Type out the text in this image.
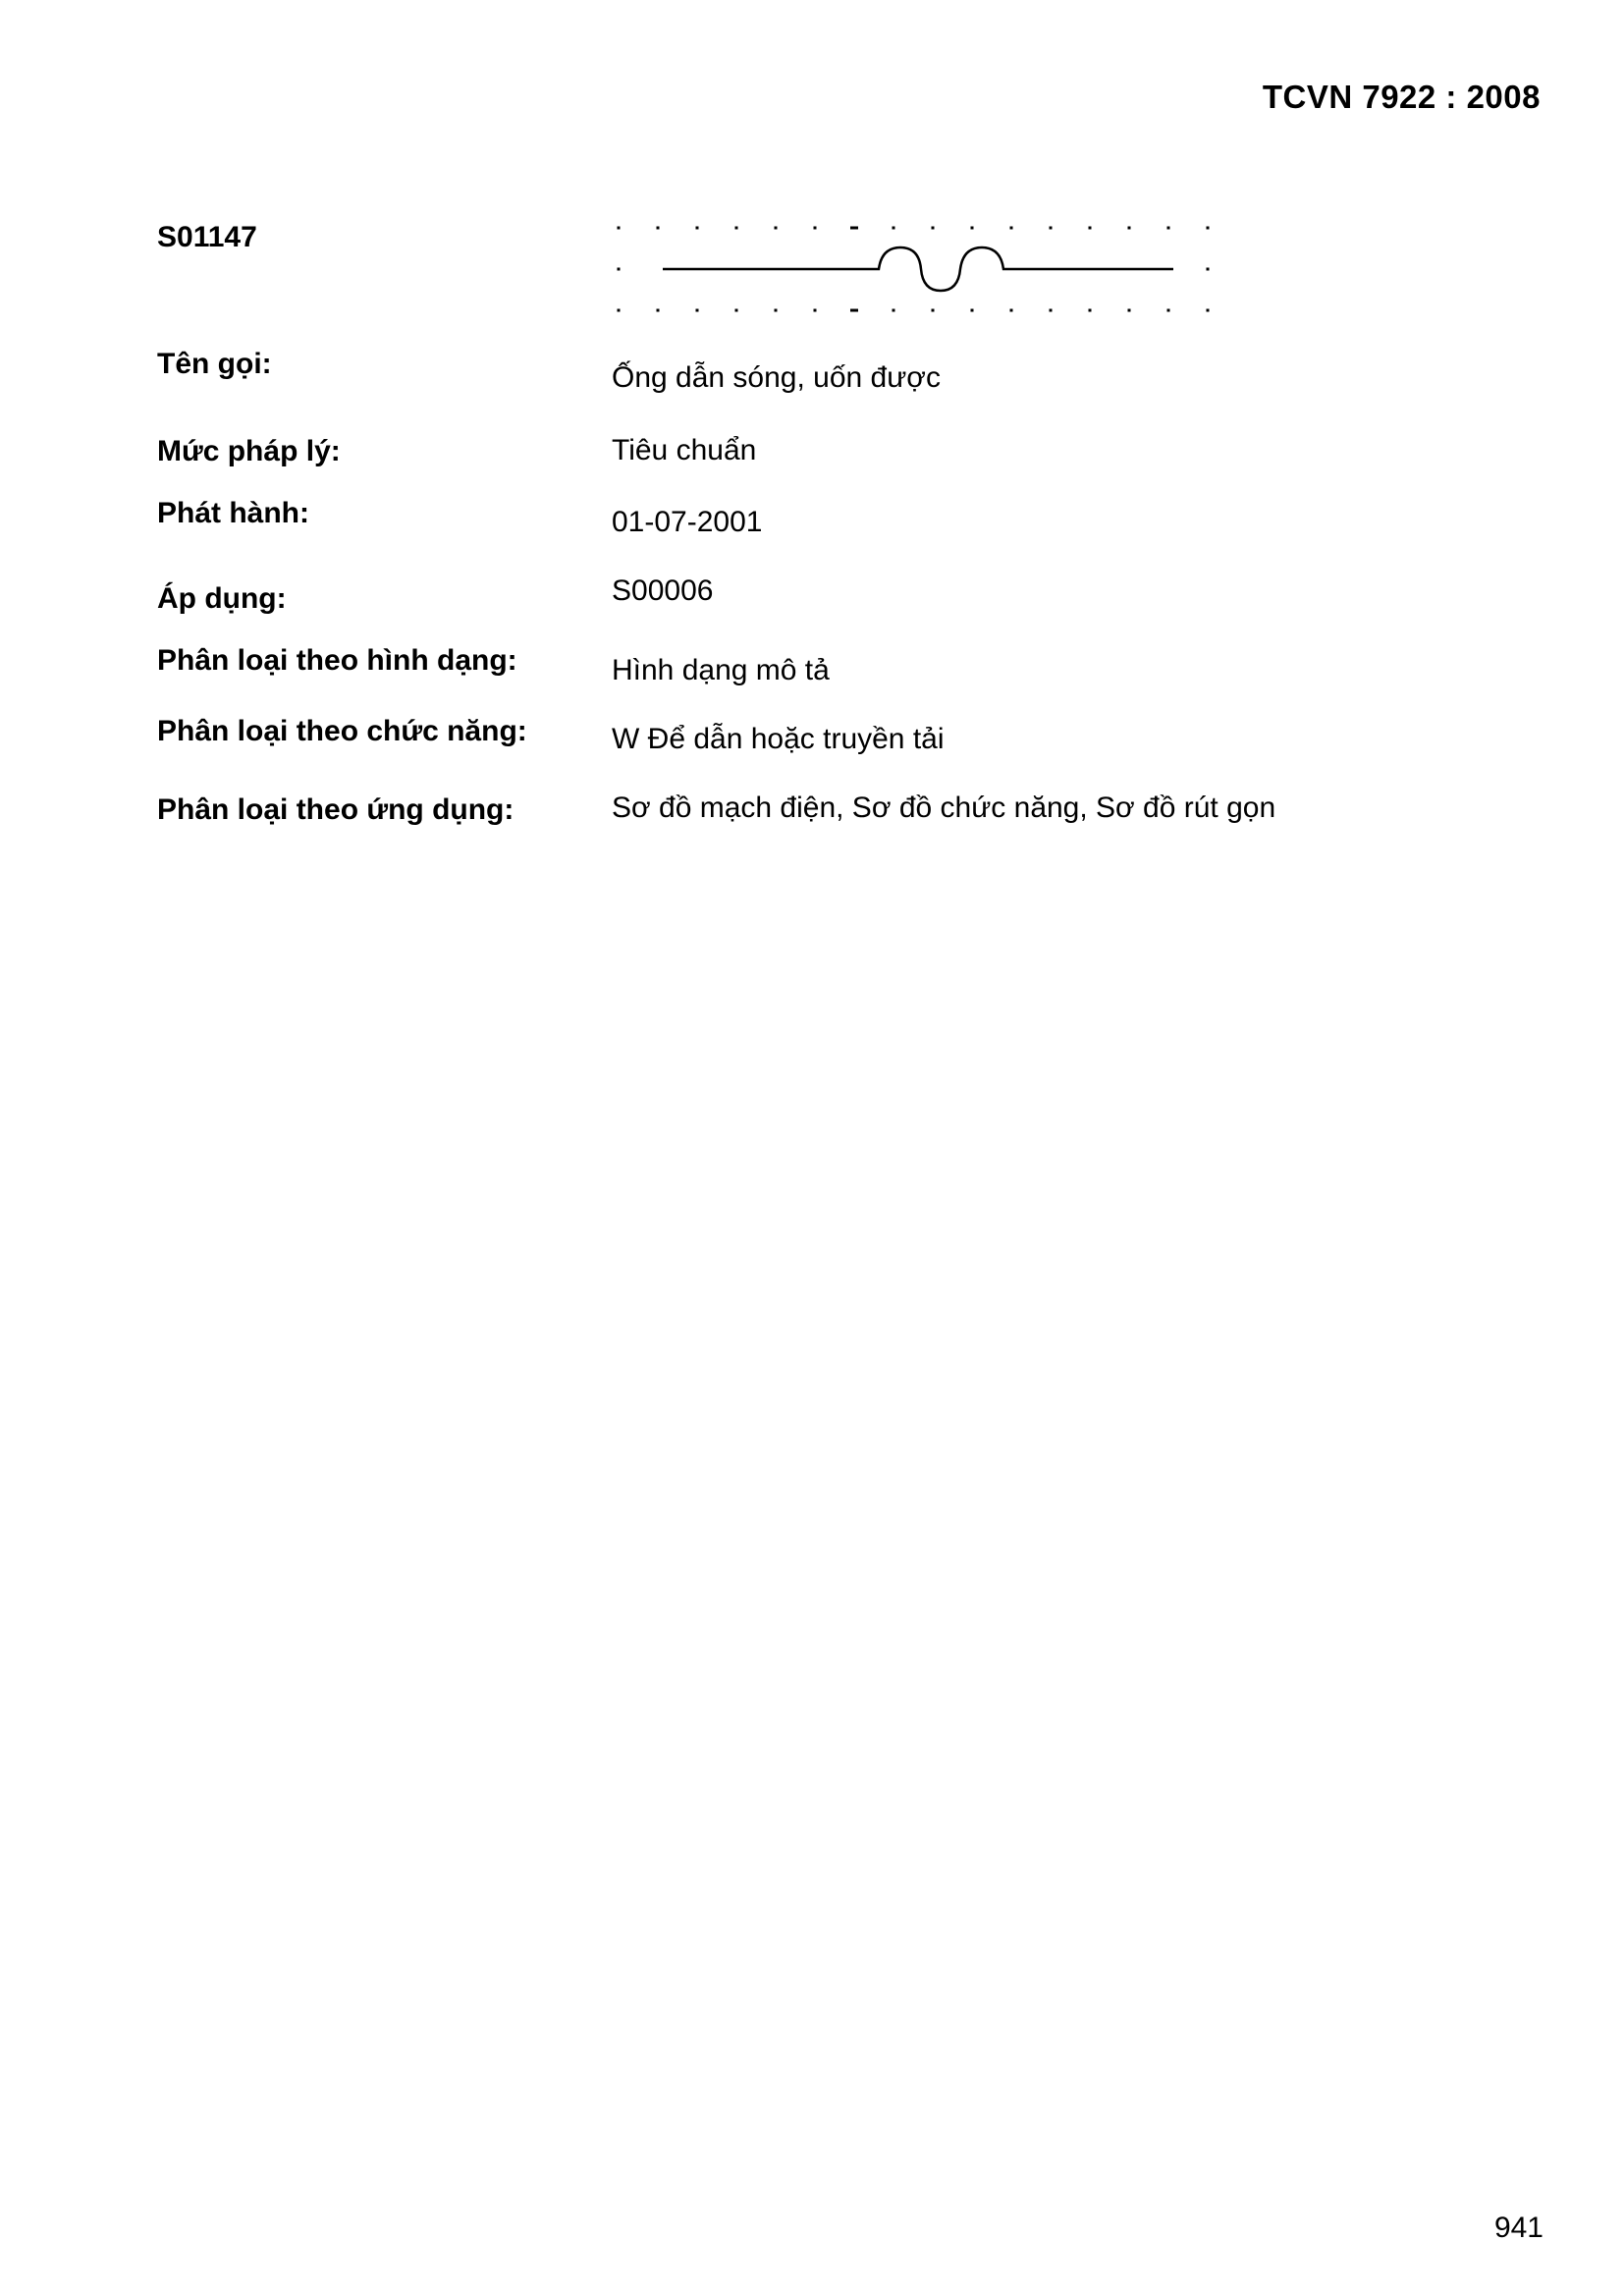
TCVN 7922 : 2008
S01147
Tên gọi:	Ống dẫn sóng, uốn được
Mức pháp lý:	Tiêu chuẩn
Phát hành:	01-07-2001
Áp dụng:	S00006
Phân loại theo hình dạng:	Hình dạng mô tả
Phân loại theo chức năng:	W Để dẫn hoặc truyền tải
Phân loại theo ứng dụng:	Sơ đồ mạch điện, Sơ đồ chức năng, Sơ đồ rút gọn
941
